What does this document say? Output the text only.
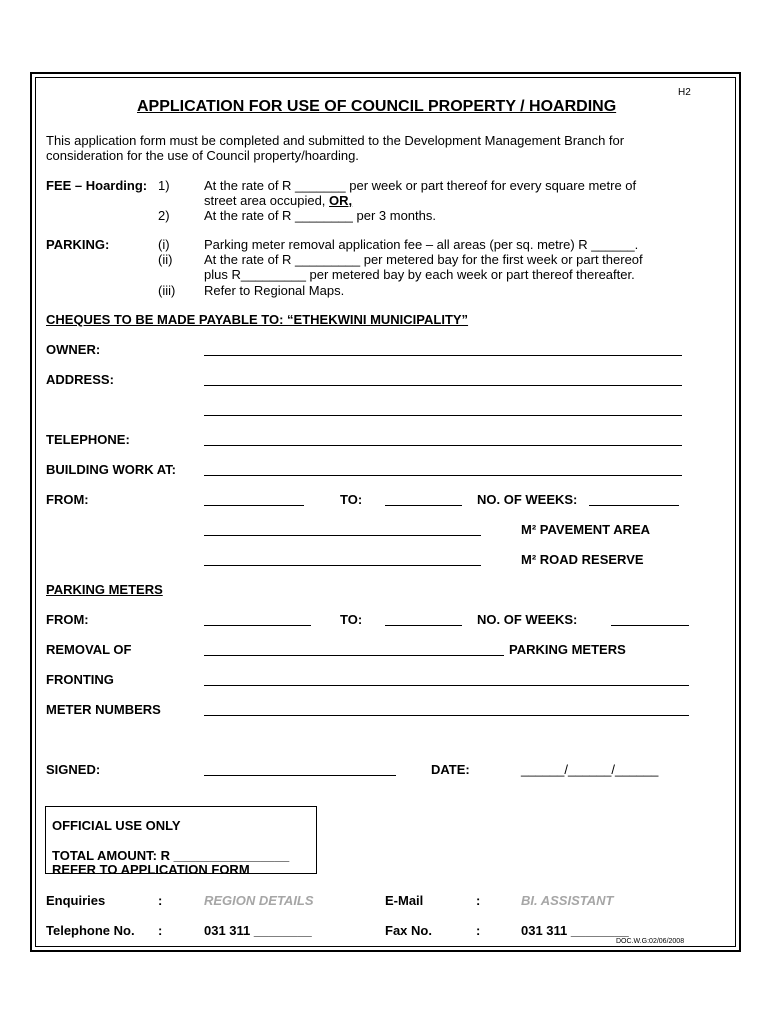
H2
APPLICATION FOR USE OF COUNCIL PROPERTY / HOARDING
This application form must be completed and submitted to the Development Management Branch for
consideration for the use of Council property/hoarding.
FEE – Hoarding: 1)	At the rate of R _______ per week or part thereof for every square metre of
street area occupied, OR,
2)	At the rate of R ________ per 3 months.
PARKING:	(i)	Parking meter removal application fee – all areas (per sq. metre) R ______.
(ii) At the rate of R _________ per metered bay for the first week or part thereof
plus R_________ per metered bay by each week or part thereof thereafter.
(iii) Refer to Regional Maps.
CHEQUES TO BE MADE PAYABLE TO: “ETHEKWINI MUNICIPALITY”
OWNER:
ADDRESS:
TELEPHONE:
BUILDING WORK AT:
FROM:	TO:	NO. OF WEEKS:
M² PAVEMENT AREA
M² ROAD RESERVE
PARKING METERS
FROM:	TO:	NO. OF WEEKS:
REMOVAL OF	PARKING METERS
FRONTING
METER NUMBERS
SIGNED:	DATE:	______/______/______
OFFICIAL USE ONLY
TOTAL AMOUNT: R ________________
REFER TO APPLICATION FORM
Enquiries	:	REGION DETAILS	E-Mail	:	BI. ASSISTANT
Telephone No. :	031 311 ________	Fax No.	:	031 311 ________
DOC.W.G:02/06/2008
